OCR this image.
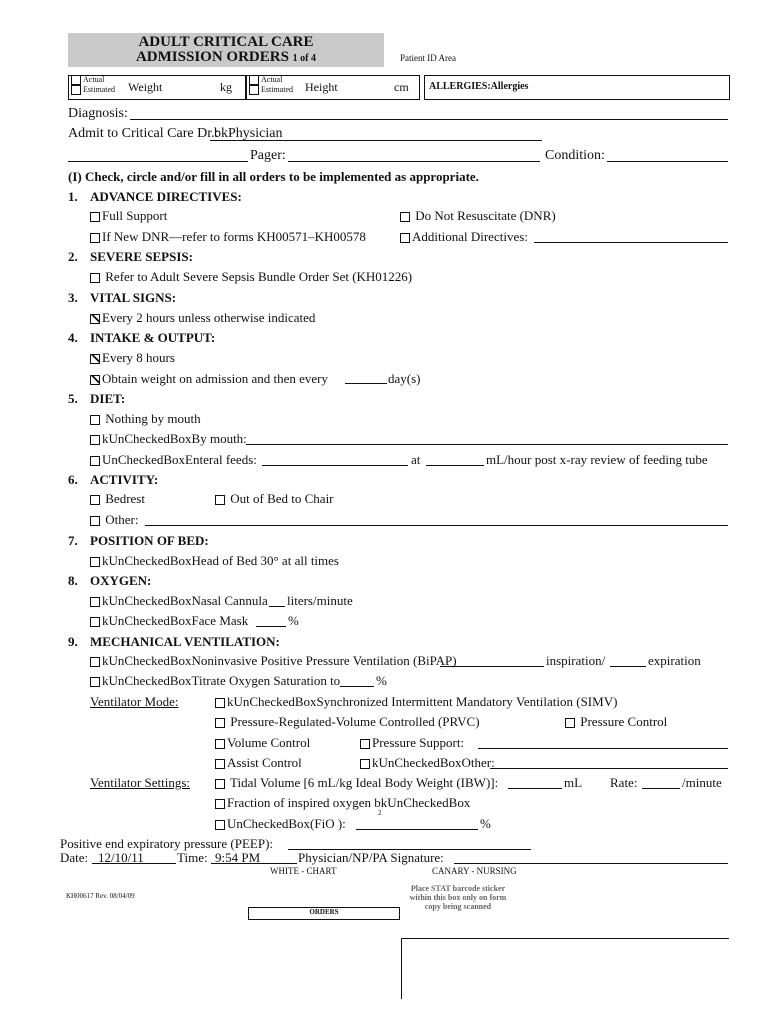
ADULT CRITICAL CARE
ADMISSION ORDERS 1 of 4	Patient ID Area
Actual
Estimated Weight	kg
Actual
Estimated Height	cm ALLERGIES:Allergies
Diagnosis:
Admit to Critical Care Dr.:
bkPhysician
Pager:	Condition:
(I) Check, circle and/or fill in all orders to be implemented as appropriate.
1. ADVANCE DIRECTIVES:
Full Support	Do Not Resuscitate (DNR)
If New DNR—refer to forms KH00571–KH00578	Additional Directives:
2. SEVERE SEPSIS:
Refer to Adult Severe Sepsis Bundle Order Set (KH01226)
3. VITAL SIGNS:
Every 2 hours unless otherwise indicated
4. INTAKE & OUTPUT:
Every 8 hours
Obtain weight on admission and then every	day(s)
5. DIET:
Nothing by mouth
kUnCheckedBoxBy mouth:
UnCheckedBoxEnteral feeds:	at	mL/hour post x-ray review of feeding tube
6. ACTIVITY:
Bedrest	Out of Bed to Chair
Other:
7. POSITION OF BED:
kUnCheckedBoxHead of Bed 30° at all times
8. OXYGEN:
kUnCheckedBoxNasal Cannula liters/minute
kUnCheckedBoxFace Mask	%
9. MECHANICAL VENTILATION:
kUnCheckedBoxNoninvasive Positive Pressure Ventilation (BiPAP)	inspiration/	expiration
kUnCheckedBoxTitrate Oxygen Saturation to	%
Ventilator Mode:	kUnCheckedBoxSynchronized Intermittent Mandatory Ventilation (SIMV)
Pressure-Regulated-Volume Controlled (PRVC)	Pressure Control
Volume Control	Pressure Support:
Assist Control	kUnCheckedBoxOther:
Ventilator Settings:	Tidal Volume [6 mL/kg Ideal Body Weight (IBW)]:	mL Rate:	/minute
Fraction of inspired oxygen bkUnCheckedBox
2
UnCheckedBox(FiO ):	%
Positive end expiratory pressure (PEEP):
Date: 12/10/11	Time: 9:54 PM	Physician/NP/PA Signature:
WHITE - CHART	CANARY - NURSING
KH00617 Rev. 08/04/09
Place STAT barcode sticker
within this box only on form
copy being scanned
ORDERS
